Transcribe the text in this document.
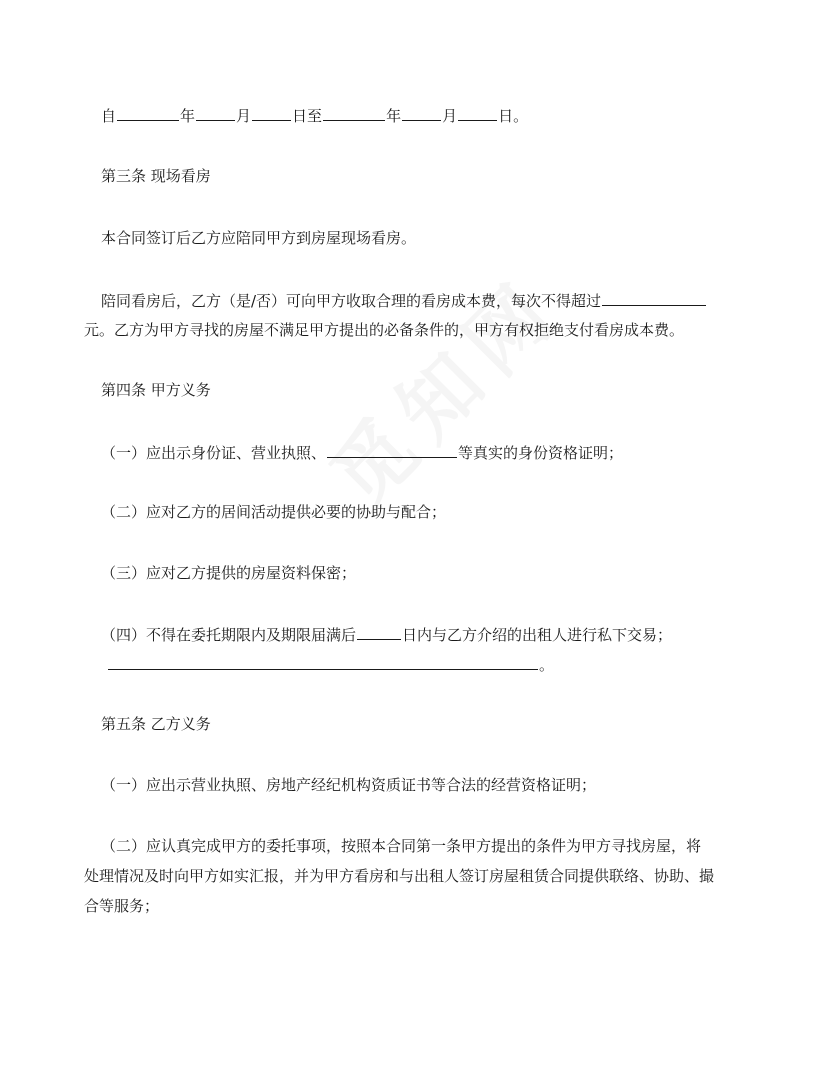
自	年	月	日至	年	月	日。
第三条 现场看房
本合同签订后乙方应陪同甲方到房屋现场看房。
陪同看房后，乙方（是/否）可向甲方收取合理的看房成本费，每次不得超过
元。乙方为甲方寻找的房屋不满足甲方提出的必备条件的，甲方有权拒绝支付看房成本费。
第四条 甲方义务
（一）应出示身份证、营业执照、	等真实的身份资格证明；
（二）应对乙方的居间活动提供必要的协助与配合；
（三）应对乙方提供的房屋资料保密；
（四）不得在委托期限内及期限届满后	日内与乙方介绍的出租人进行私下交易；
。
第五条 乙方义务
（一）应出示营业执照、房地产经纪机构资质证书等合法的经营资格证明；
（二）应认真完成甲方的委托事项，按照本合同第一条甲方提出的条件为甲方寻找房屋，将
处理情况及时向甲方如实汇报，并为甲方看房和与出租人签订房屋租赁合同提供联络、协助、撮
合等服务；
